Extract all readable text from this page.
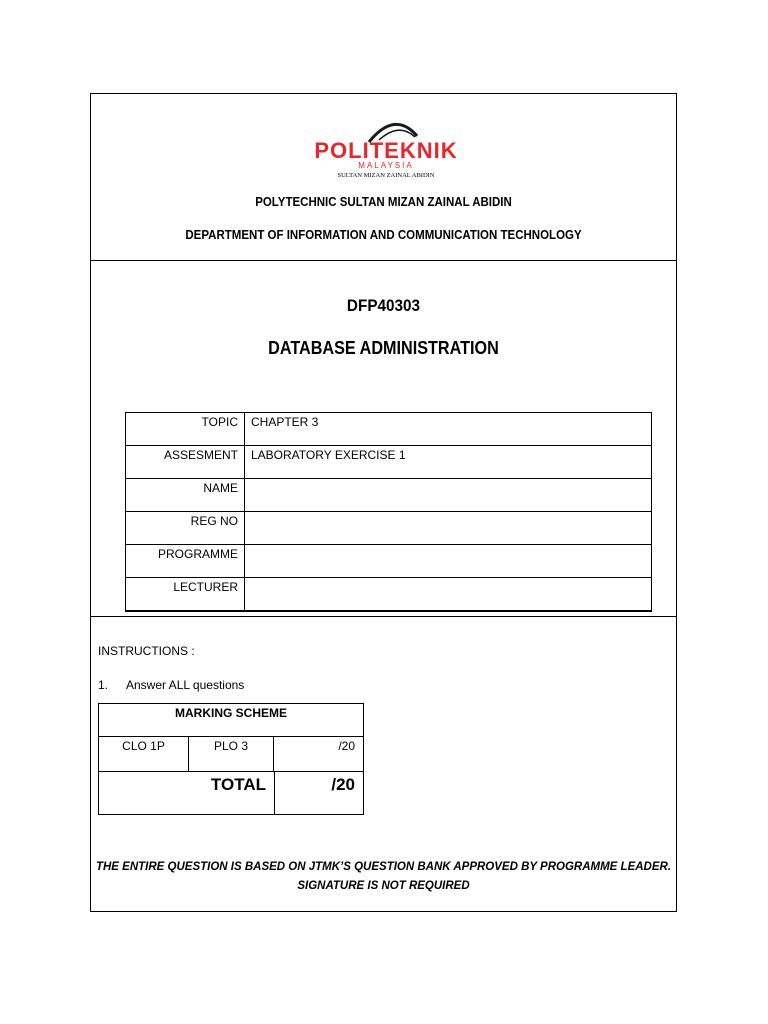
POLITEKNIK
MALAYSIA
SULTAN MIZAN ZAINAL ABIDIN
POLYTECHNIC SULTAN MIZAN ZAINAL ABIDIN
DEPARTMENT OF INFORMATION AND COMMUNICATION TECHNOLOGY
DFP40303
DATABASE ADMINISTRATION
TOPIC	CHAPTER 3
ASSESMENT	LABORATORY EXERCISE 1
NAME	
REG NO	
PROGRAMME	
LECTURER	
INSTRUCTIONS :
1. Answer ALL questions
MARKING SCHEME
CLO 1P	PLO 3	/20
TOTAL	/20
THE ENTIRE QUESTION IS BASED ON JTMK’S QUESTION BANK APPROVED BY PROGRAMME LEADER.
SIGNATURE IS NOT REQUIRED
